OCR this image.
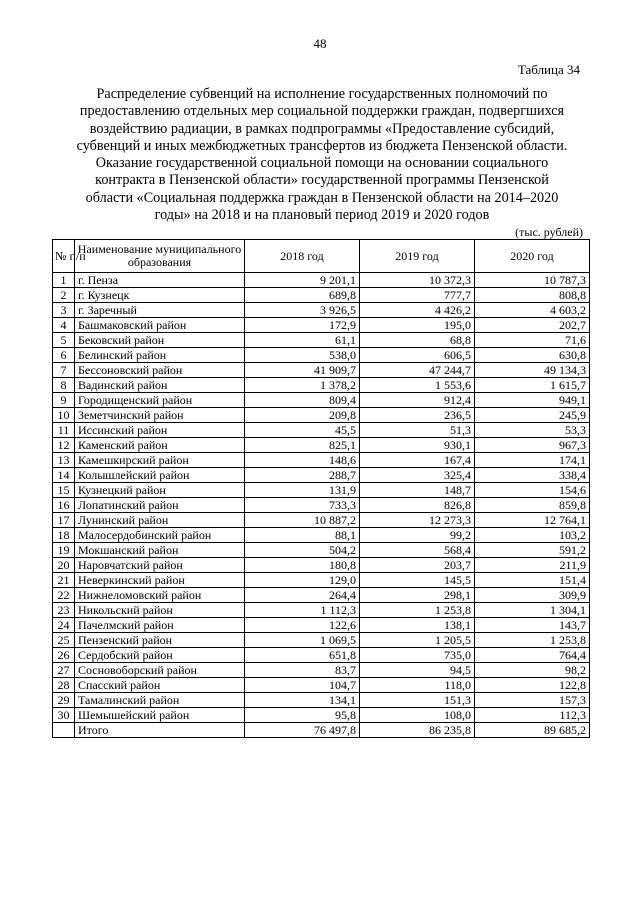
48
Таблица 34
Распределение субвенций на исполнение государственных полномочий по предоставлению отдельных мер социальной поддержки граждан, подвергшихся воздействию радиации, в рамках подпрограммы «Предоставление субсидий, субвенций и иных межбюджетных трансфертов из бюджета Пензенской области. Оказание государственной социальной помощи на основании социального контракта в Пензенской области» государственной программы Пензенской области «Социальная поддержка граждан в Пензенской области на 2014–2020 годы» на 2018 и на плановый период 2019 и 2020 годов
(тыс. рублей)
№ п/п	Наименование муниципального образования	2018 год	2019 год	2020 год
1	г. Пенза	9 201,1	10 372,3	10 787,3
2	г. Кузнецк	689,8	777,7	808,8
3	г. Заречный	3 926,5	4 426,2	4 603,2
4	Башмаковский район	172,9	195,0	202,7
5	Бековский район	61,1	68,8	71,6
6	Белинский район	538,0	606,5	630,8
7	Бессоновский район	41 909,7	47 244,7	49 134,3
8	Вадинский район	1 378,2	1 553,6	1 615,7
9	Городищенский район	809,4	912,4	949,1
10	Земетчинский район	209,8	236,5	245,9
11	Иссинский район	45,5	51,3	53,3
12	Каменский район	825,1	930,1	967,3
13	Камешкирский район	148,6	167,4	174,1
14	Колышлейский район	288,7	325,4	338,4
15	Кузнецкий район	131,9	148,7	154,6
16	Лопатинский район	733,3	826,8	859,8
17	Лунинский район	10 887,2	12 273,3	12 764,1
18	Малосердобинский район	88,1	99,2	103,2
19	Мокшанский район	504,2	568,4	591,2
20	Наровчатский район	180,8	203,7	211,9
21	Неверкинский район	129,0	145,5	151,4
22	Нижнеломовский район	264,4	298,1	309,9
23	Никольский район	1 112,3	1 253,8	1 304,1
24	Пачелмский район	122,6	138,1	143,7
25	Пензенский район	1 069,5	1 205,5	1 253,8
26	Сердобский район	651,8	735,0	764,4
27	Сосновоборский район	83,7	94,5	98,2
28	Спасский район	104,7	118,0	122,8
29	Тамалинский район	134,1	151,3	157,3
30	Шемышейский район	95,8	108,0	112,3
	Итого	76 497,8	86 235,8	89 685,2
